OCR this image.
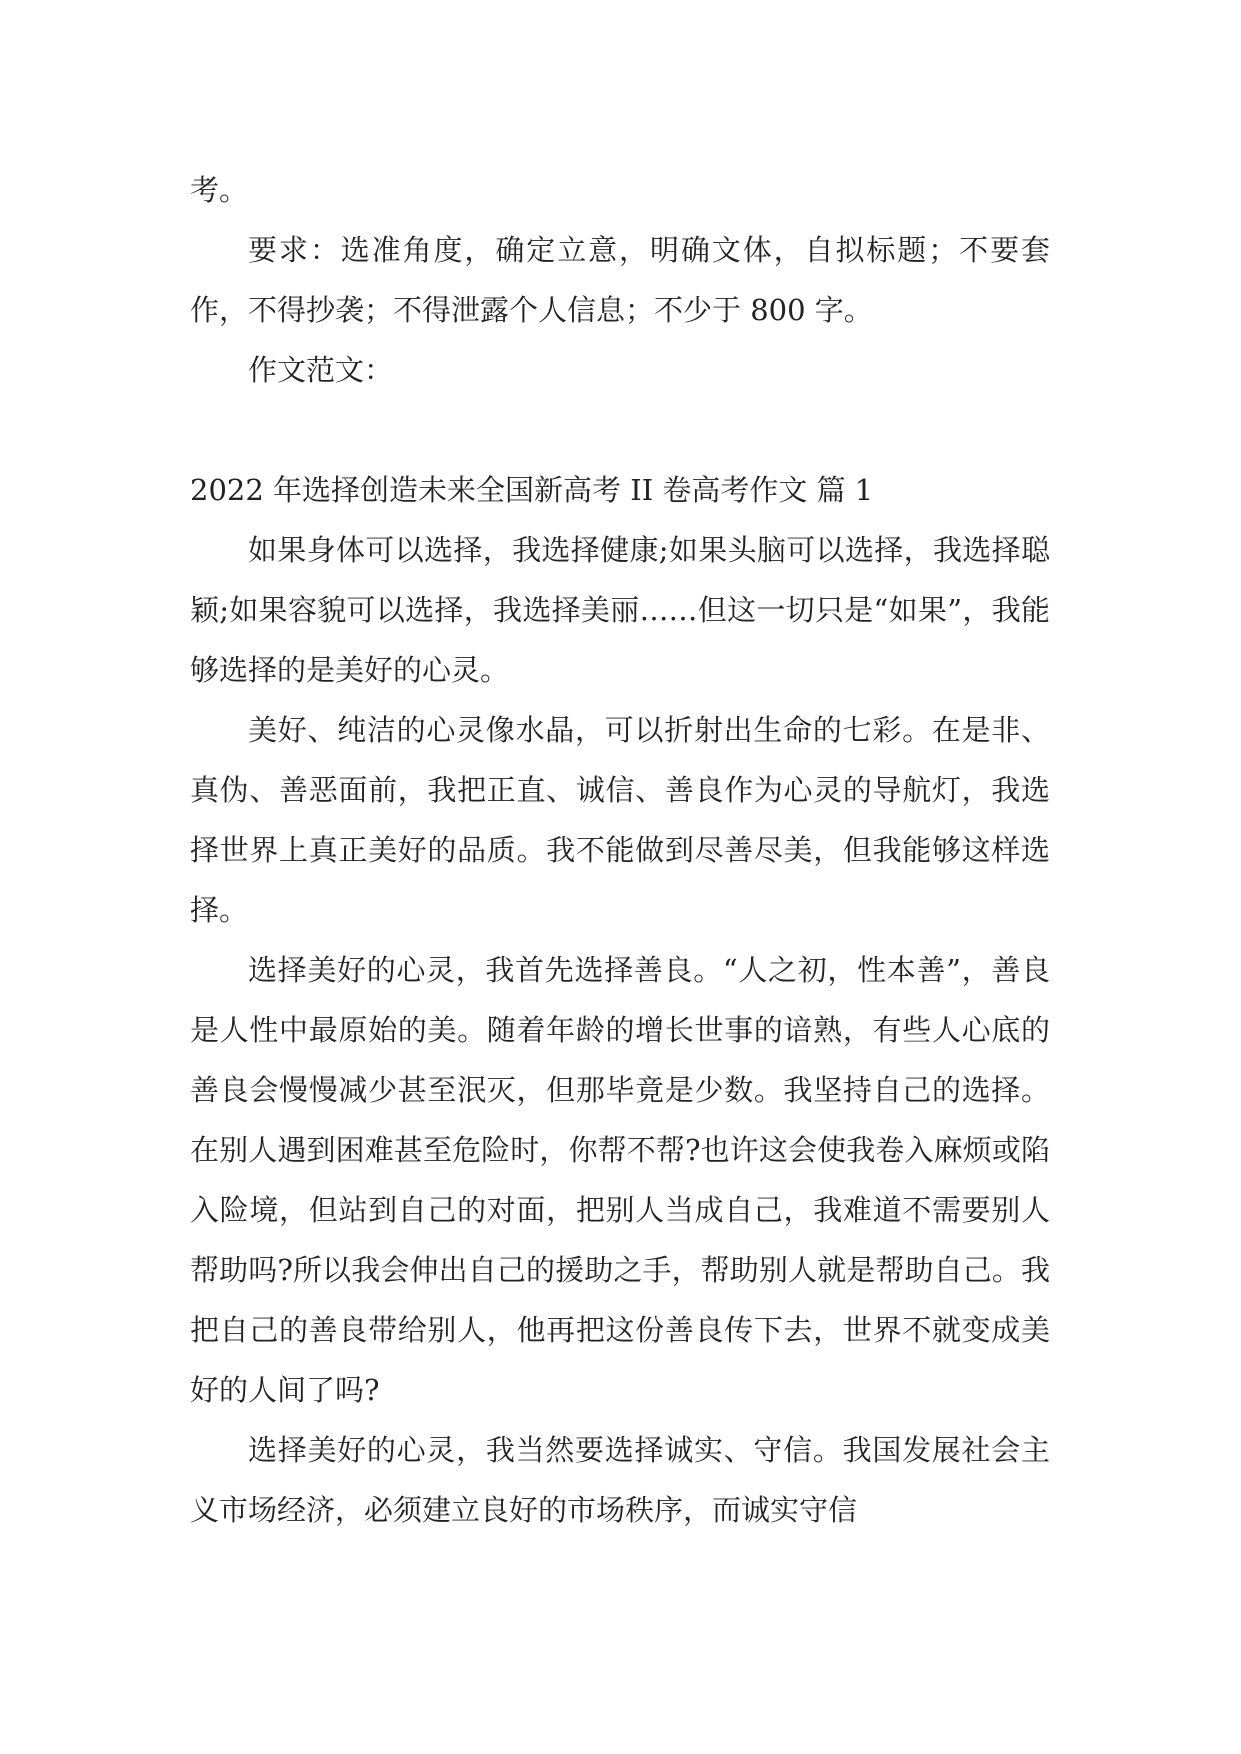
考。

要求：选准角度，确定立意，明确文体，自拟标题；不要套作，不得抄袭；不得泄露个人信息；不少于 800 字。

作文范文：

2022 年选择创造未来全国新高考 II 卷高考作文 篇 1

如果身体可以选择，我选择健康;如果头脑可以选择，我选择聪颖;如果容貌可以选择，我选择美丽……但这一切只是“如果”，我能够选择的是美好的心灵。

美好、纯洁的心灵像水晶，可以折射出生命的七彩。在是非、真伪、善恶面前，我把正直、诚信、善良作为心灵的导航灯，我选择世界上真正美好的品质。我不能做到尽善尽美，但我能够这样选择。

选择美好的心灵，我首先选择善良。“人之初，性本善”，善良是人性中最原始的美。随着年龄的增长世事的谙熟，有些人心底的善良会慢慢减少甚至泯灭，但那毕竟是少数。我坚持自己的选择。在别人遇到困难甚至危险时，你帮不帮?也许这会使我卷入麻烦或陷入险境，但站到自己的对面，把别人当成自己，我难道不需要别人帮助吗?所以我会伸出自己的援助之手，帮助别人就是帮助自己。我把自己的善良带给别人，他再把这份善良传下去，世界不就变成美好的人间了吗?

选择美好的心灵，我当然要选择诚实、守信。我国发展社会主义市场经济，必须建立良好的市场秩序，而诚实守信
